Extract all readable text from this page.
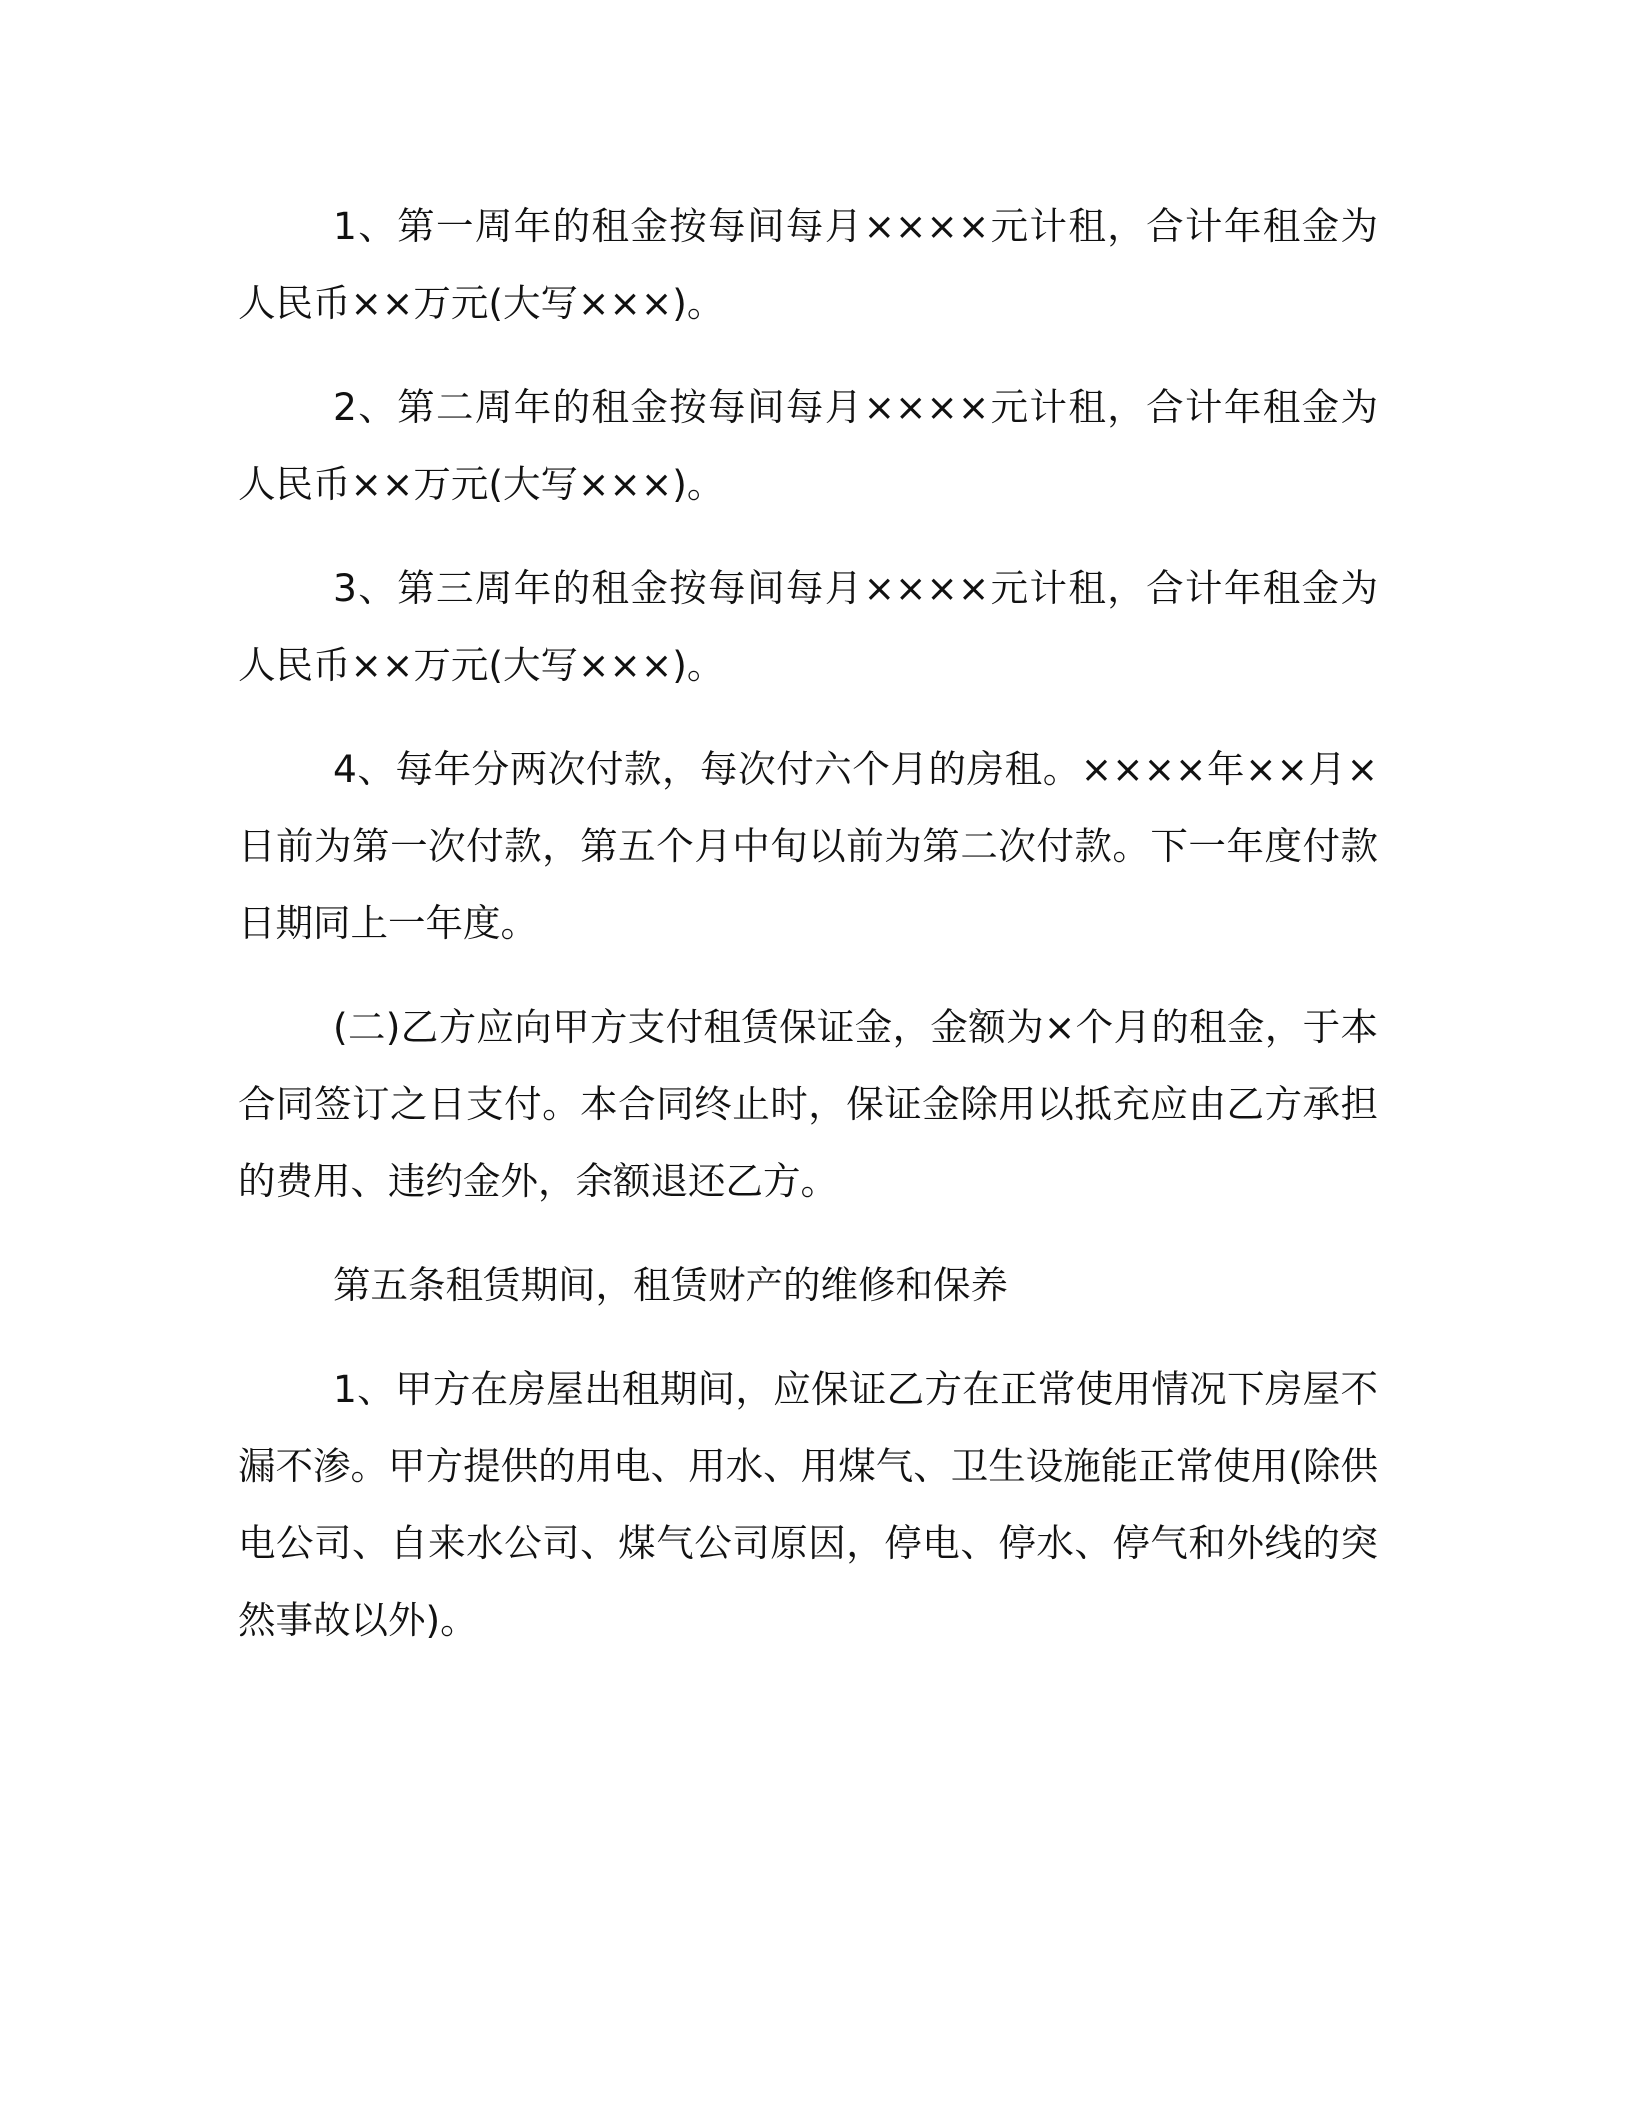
1、第一周年的租金按每间每月××××元计租，合计年租金为人民币××万元(大写×××)。

2、第二周年的租金按每间每月××××元计租，合计年租金为人民币××万元(大写×××)。

3、第三周年的租金按每间每月××××元计租，合计年租金为人民币××万元(大写×××)。

4、每年分两次付款，每次付六个月的房租。××××年××月×日前为第一次付款，第五个月中旬以前为第二次付款。下一年度付款日期同上一年度。

(二)乙方应向甲方支付租赁保证金，金额为×个月的租金，于本合同签订之日支付。本合同终止时，保证金除用以抵充应由乙方承担的费用、违约金外，余额退还乙方。

第五条租赁期间，租赁财产的维修和保养

1、甲方在房屋出租期间，应保证乙方在正常使用情况下房屋不漏不渗。甲方提供的用电、用水、用煤气、卫生设施能正常使用(除供电公司、自来水公司、煤气公司原因，停电、停水、停气和外线的突然事故以外)。
